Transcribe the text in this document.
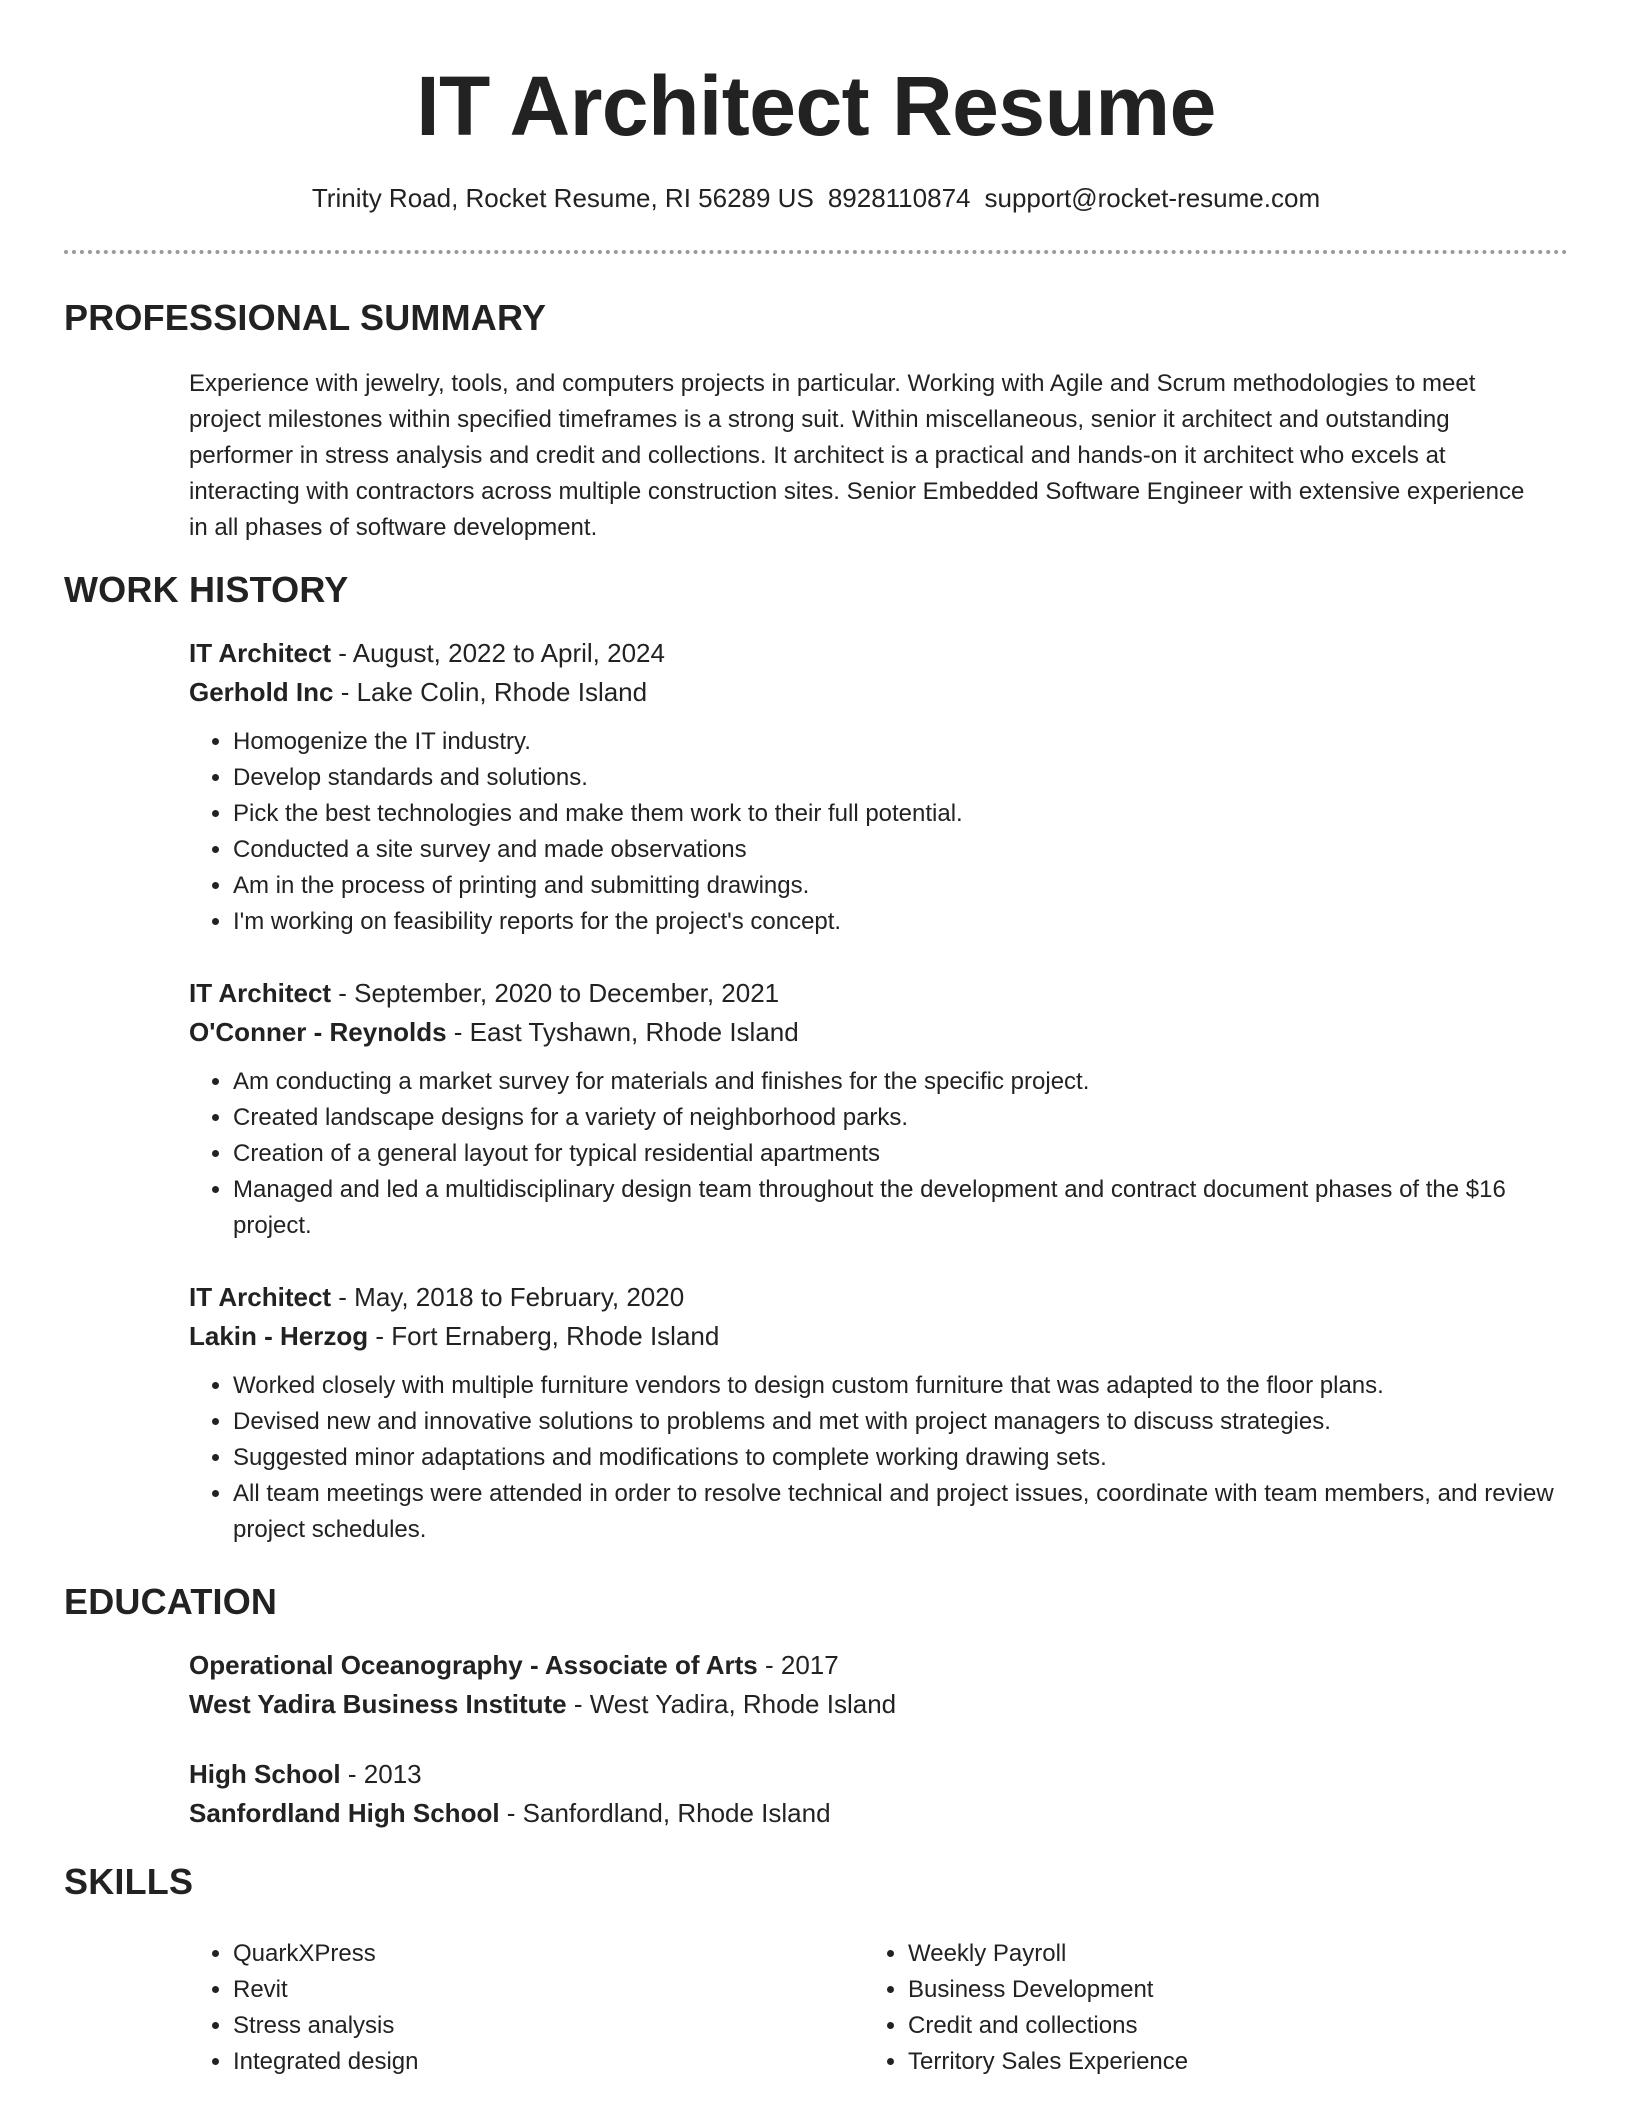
IT Architect Resume
Trinity Road, Rocket Resume, RI 56289 US 8928110874 support@rocket-resume.com
PROFESSIONAL SUMMARY

Experience with jewelry, tools, and computers projects in particular. Working with Agile and Scrum methodologies to meet project milestones within specified timeframes is a strong suit. Within miscellaneous, senior it architect and outstanding performer in stress analysis and credit and collections. It architect is a practical and hands-on it architect who excels at interacting with contractors across multiple construction sites. Senior Embedded Software Engineer with extensive experience in all phases of software development.

WORK HISTORY
IT Architect - August, 2022 to April, 2024
Gerhold Inc - Lake Colin, Rhode Island
• Homogenize the IT industry.
• Develop standards and solutions.
• Pick the best technologies and make them work to their full potential.
• Conducted a site survey and made observations
• Am in the process of printing and submitting drawings.
• I'm working on feasibility reports for the project's concept.
IT Architect - September, 2020 to December, 2021
O'Conner - Reynolds - East Tyshawn, Rhode Island
• Am conducting a market survey for materials and finishes for the specific project.
• Created landscape designs for a variety of neighborhood parks.
• Creation of a general layout for typical residential apartments
• Managed and led a multidisciplinary design team throughout the development and contract document phases of the $16 project.
IT Architect - May, 2018 to February, 2020
Lakin - Herzog - Fort Ernaberg, Rhode Island
• Worked closely with multiple furniture vendors to design custom furniture that was adapted to the floor plans.
• Devised new and innovative solutions to problems and met with project managers to discuss strategies.
• Suggested minor adaptations and modifications to complete working drawing sets.
• All team meetings were attended in order to resolve technical and project issues, coordinate with team members, and review project schedules.
EDUCATION
Operational Oceanography - Associate of Arts - 2017
West Yadira Business Institute - West Yadira, Rhode Island
High School - 2013
Sanfordland High School - Sanfordland, Rhode Island
SKILLS
• QuarkXPress
• Revit
• Stress analysis
• Integrated design
• Weekly Payroll
• Business Development
• Credit and collections
• Territory Sales Experience
